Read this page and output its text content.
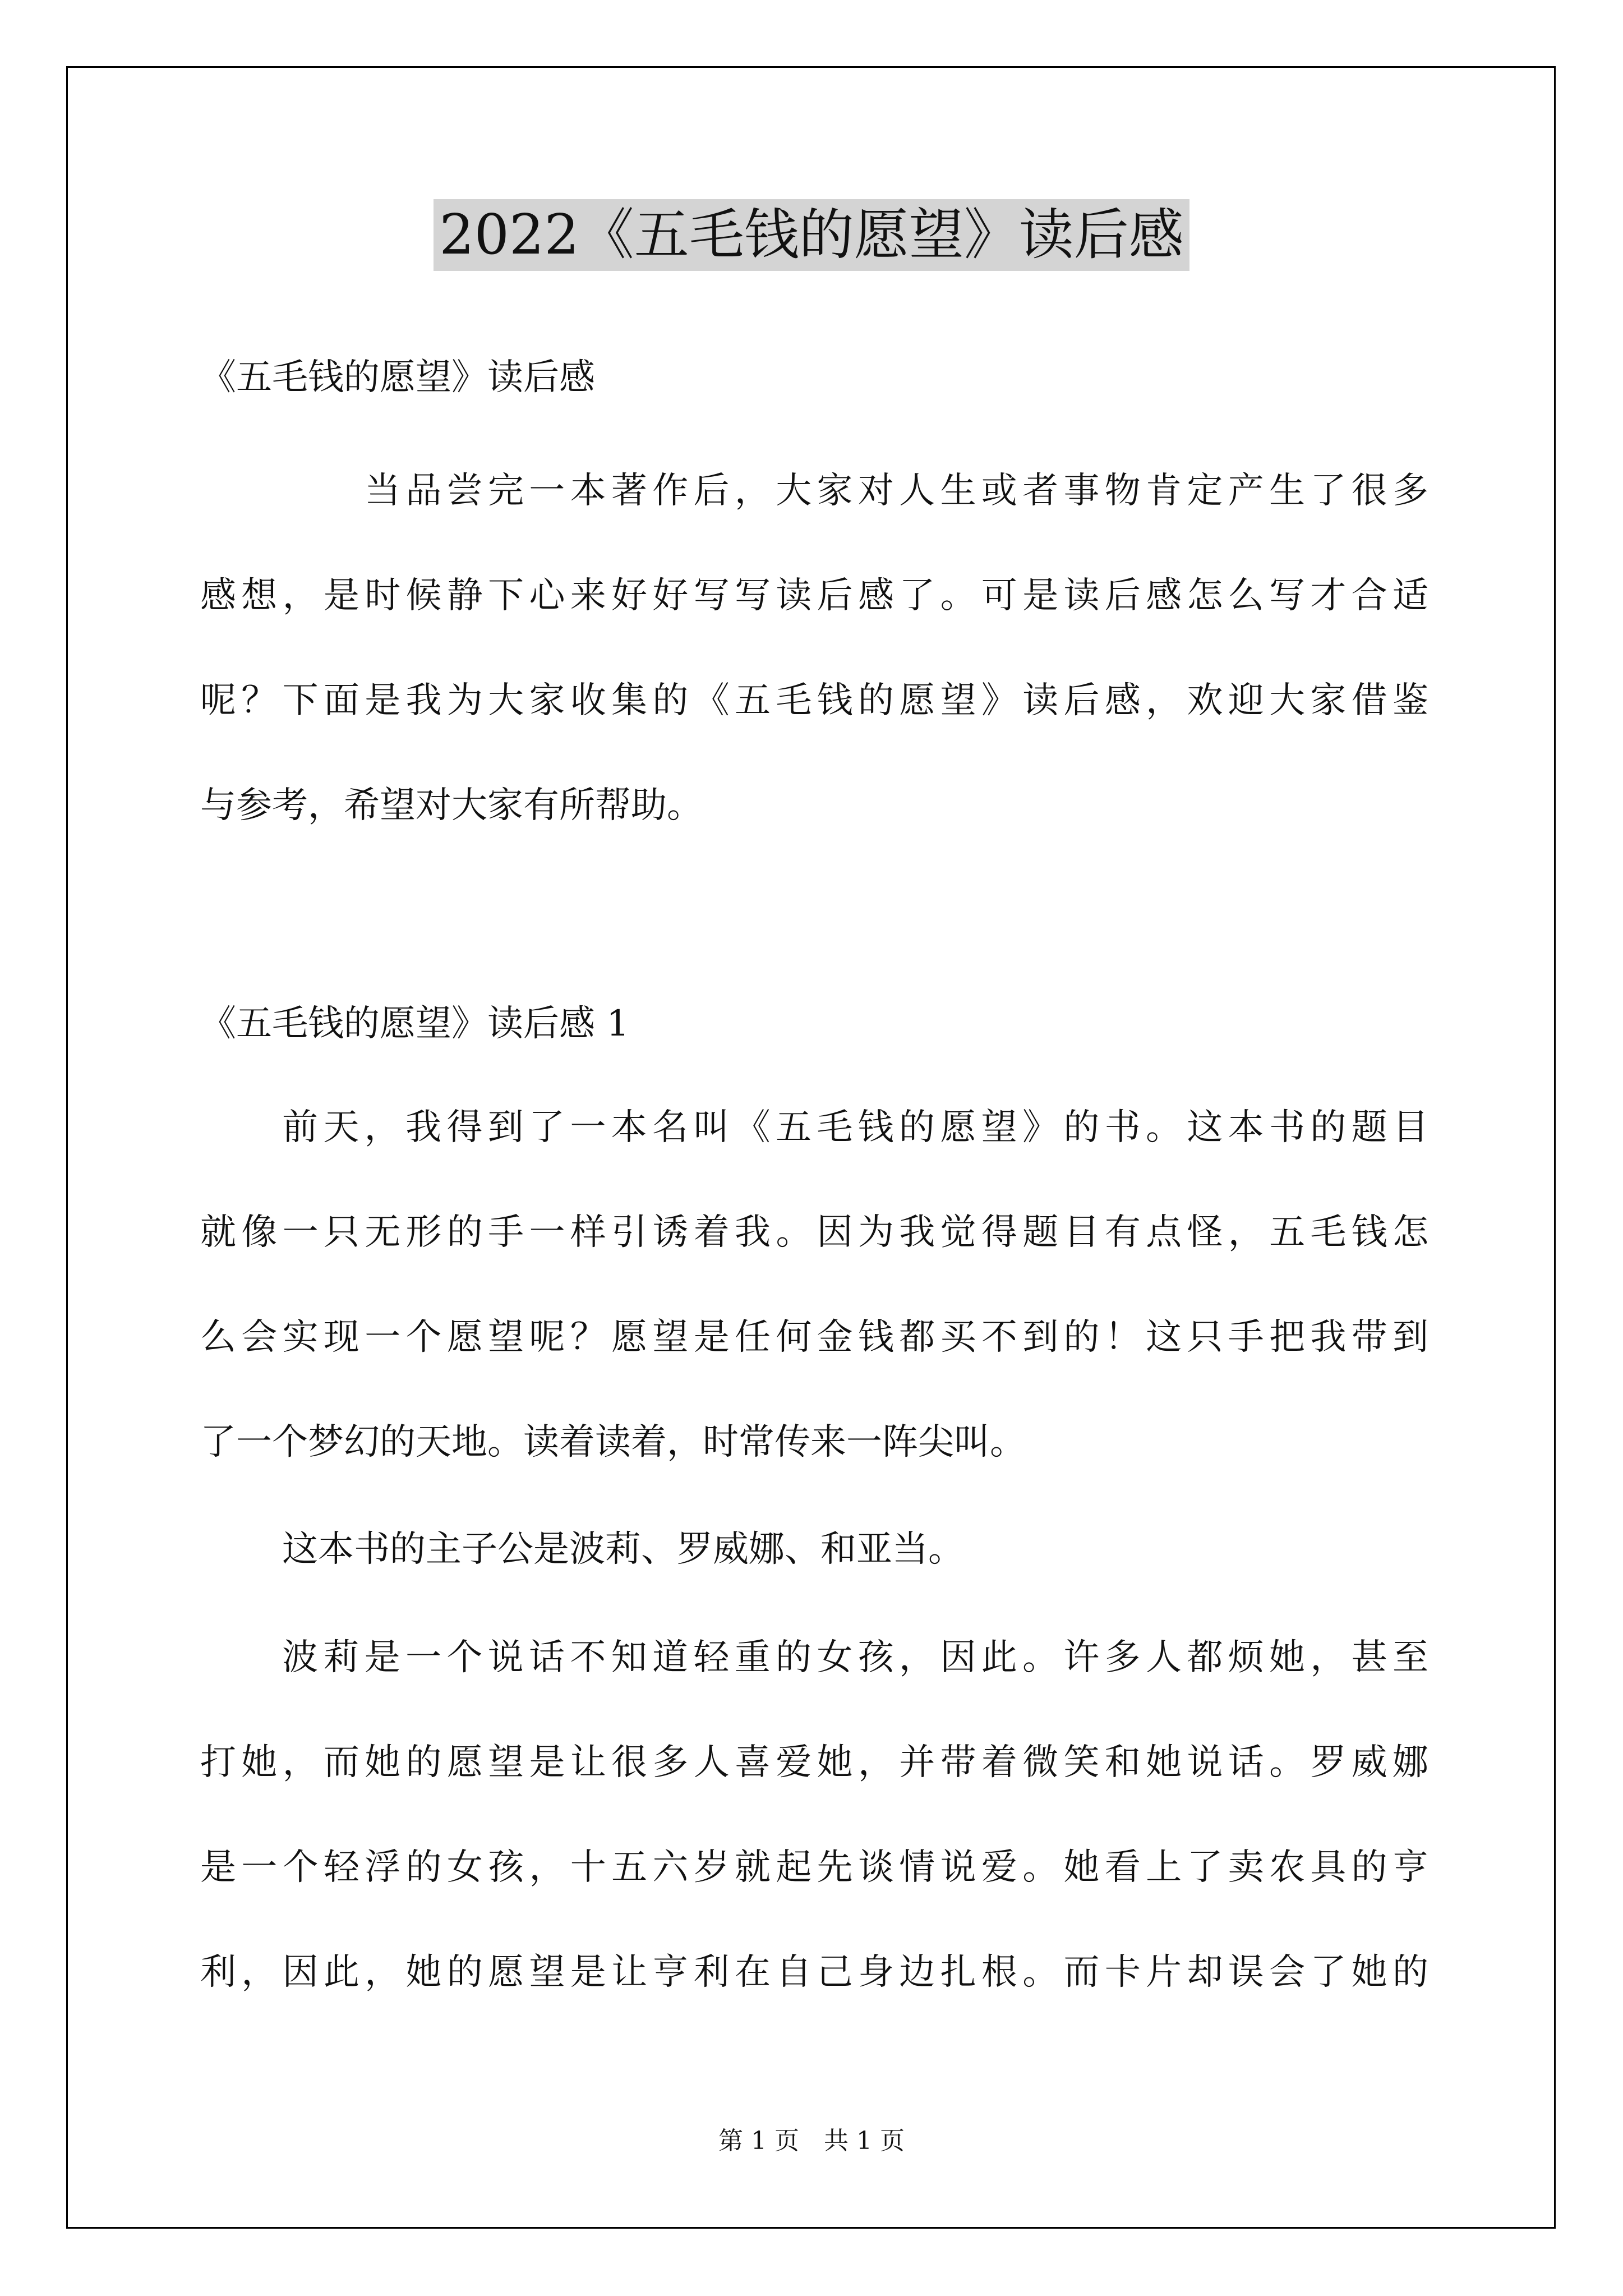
2022《五毛钱的愿望》读后感
《五毛钱的愿望》读后感
当品尝完一本著作后，大家对人生或者事物肯定产生了很多
感想，是时候静下心来好好写写读后感了。可是读后感怎么写才合适
呢？下面是我为大家收集的《五毛钱的愿望》读后感，欢迎大家借鉴
与参考，希望对大家有所帮助。
《五毛钱的愿望》读后感 1
前天，我得到了一本名叫《五毛钱的愿望》的书。这本书的题目
就像一只无形的手一样引诱着我。因为我觉得题目有点怪，五毛钱怎
么会实现一个愿望呢？愿望是任何金钱都买不到的！这只手把我带到
了一个梦幻的天地。读着读着，时常传来一阵尖叫。
这本书的主子公是波莉、罗威娜、和亚当。
波莉是一个说话不知道轻重的女孩，因此。许多人都烦她，甚至
打她，而她的愿望是让很多人喜爱她，并带着微笑和她说话。罗威娜
是一个轻浮的女孩，十五六岁就起先谈情说爱。她看上了卖农具的亨
利，因此，她的愿望是让亨利在自己身边扎根。而卡片却误会了她的
第 1 页　共 1 页
